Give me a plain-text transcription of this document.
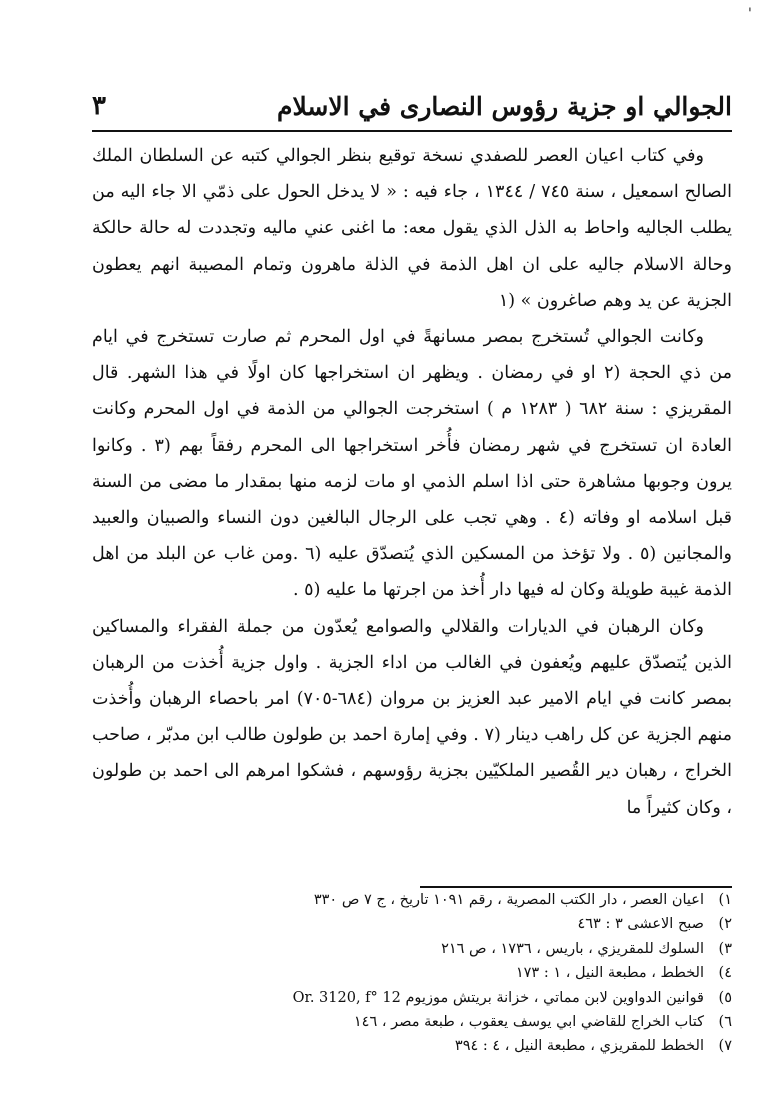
'
الجوالي او جزية رؤوس النصارى في الاسلام
٣

وفي كتاب اعيان العصر للصفدي نسخة توقيع بنظر الجوالي كتبه عن السلطان الملك الصالح اسمعيل ، سنة ٧٤٥ / ١٣٤٤ ، جاء فيه : « لا يدخل الحول على ذمّي الا جاء اليه من يطلب الجاليه واحاط به الذل الذي يقول معه: ما اغنى عني ماليه وتجددت له حالة حالكة وحالة الاسلام جاليه على ان اهل الذمة في الذلة ماهرون وتمام المصيبة انهم يعطون الجزية عن يد وهم صاغرون » (١

وكانت الجوالي تُستخرج بمصر مسانهةً في اول المحرم ثم صارت تستخرج في ايام من ذي الحجة (٢ او في رمضان . ويظهر ان استخراجها كان اولًا في هذا الشهر. قال المقريزي : سنة ٦٨٢ ( ١٢٨٣ م ) استخرجت الجوالي من الذمة في اول المحرم وكانت العادة ان تستخرج في شهر رمضان فأُخر استخراجها الى المحرم رفقاً بهم (٣ . وكانوا يرون وجوبها مشاهرة حتى اذا اسلم الذمي او مات لزمه منها بمقدار ما مضى من السنة قبل اسلامه او وفاته (٤ . وهي تجب على الرجال البالغين دون النساء والصبيان والعبيد والمجانين (٥ . ولا تؤخذ من المسكين الذي يُتصدّق عليه (٦ .ومن غاب عن البلد من اهل الذمة غيبة طويلة وكان له فيها دار أُخذ من اجرتها ما عليه (٥ .

وكان الرهبان في الديارات والقلالي والصوامع يُعدّون من جملة الفقراء والمساكين الذين يُتصدّق عليهم ويُعفون في الغالب من اداء الجزية . واول جزية أُخذت من الرهبان بمصر كانت في ايام الامير عبد العزيز بن مروان (٦٨٤-٧٠٥) امر باحصاء الرهبان وأُخذت منهم الجزية عن كل راهب دينار (٧ . وفي إمارة احمد بن طولون طالب ابن مدبّر ، صاحب الخراج ، رهبان دير القُصير الملكيّين بجزية رؤوسهم ، فشكوا امرهم الى احمد بن طولون ، وكان كثيراً ما

١)
اعيان العصر ، دار الكتب المصرية ، رقم ١٠٩١ تاريخ ، ج ٧ ص ٣٣٠
٢)
صبح الاعشى ٣ : ٤٦٣
٣)
السلوك للمقريزي ، باريس ، ١٧٣٦ ، ص ٢١٦
٤)
الخطط ، مطبعة النيل ، ١ : ١٧٣
٥)
قوانين الدواوين لابن مماتي ، خزانة بريتش موزيوم Or. 3120, f° 12
٦)
كتاب الخراج للقاضي ابي يوسف يعقوب ، طبعة مصر ، ١٤٦
٧)
الخطط للمقريزي ، مطبعة النيل ، ٤ : ٣٩٤
